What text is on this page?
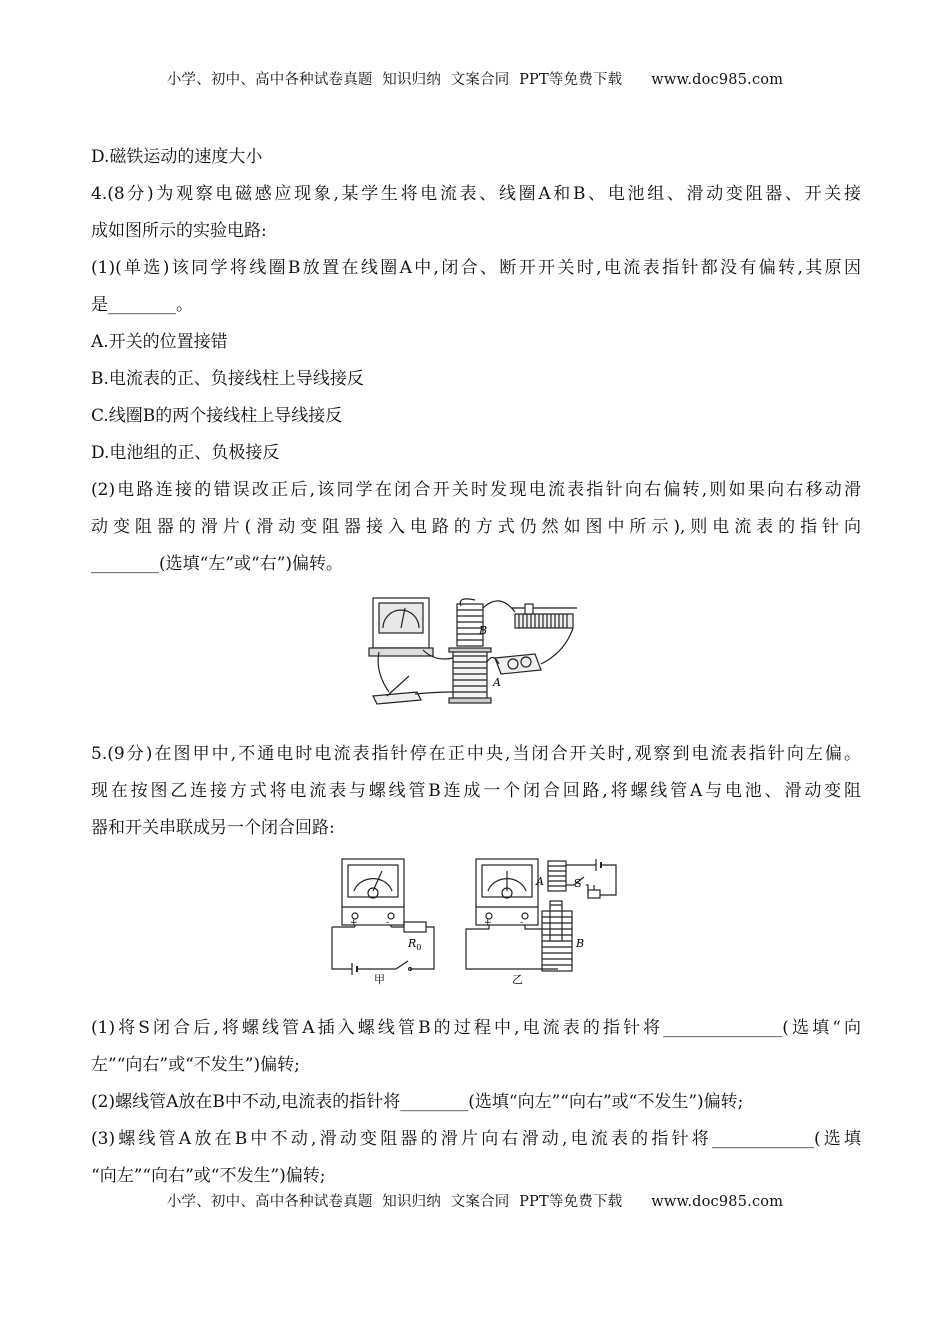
小学、初中、高中各种试卷真题  知识归纳  文案合同  PPT等免费下载      www.doc985.com
D.磁铁运动的速度大小
4.(8分)为观察电磁感应现象,某学生将电流表、线圈A和B、电池组、滑动变阻器、开关接
成如图所示的实验电路:
(1)(单选)该同学将线圈B放置在线圈A中,闭合、断开开关时,电流表指针都没有偏转,其原因
是________。
A.开关的位置接错
B.电流表的正、负接线柱上导线接反
C.线圈B的两个接线柱上导线接反
D.电池组的正、负极接反
(2)电路连接的错误改正后,该同学在闭合开关时发现电流表指针向右偏转,则如果向右移动滑
动变阻器的滑片(滑动变阻器接入电路的方式仍然如图中所示),则电流表的指针向
________(选填“左”或“右”)偏转。
B
A
5.(9分)在图甲中,不通电时电流表指针停在正中央,当闭合开关时,观察到电流表指针向左偏。
现在按图乙连接方式将电流表与螺线管B连成一个闭合回路,将螺线管A与电池、滑动变阻
器和开关串联成另一个闭合回路:
+	-
$R_0$
甲
+	-
A	S
B
乙
(1)将S闭合后,将螺线管A插入螺线管B的过程中,电流表的指针将______________(选填“向
左”“向右”或“不发生”)偏转;
(2)螺线管A放在B中不动,电流表的指针将________(选填“向左”“向右”或“不发生”)偏转;
(3)螺线管A放在B中不动,滑动变阻器的滑片向右滑动,电流表的指针将____________(选填
“向左”“向右”或“不发生”)偏转;
小学、初中、高中各种试卷真题  知识归纳  文案合同  PPT等免费下载      www.doc985.com
